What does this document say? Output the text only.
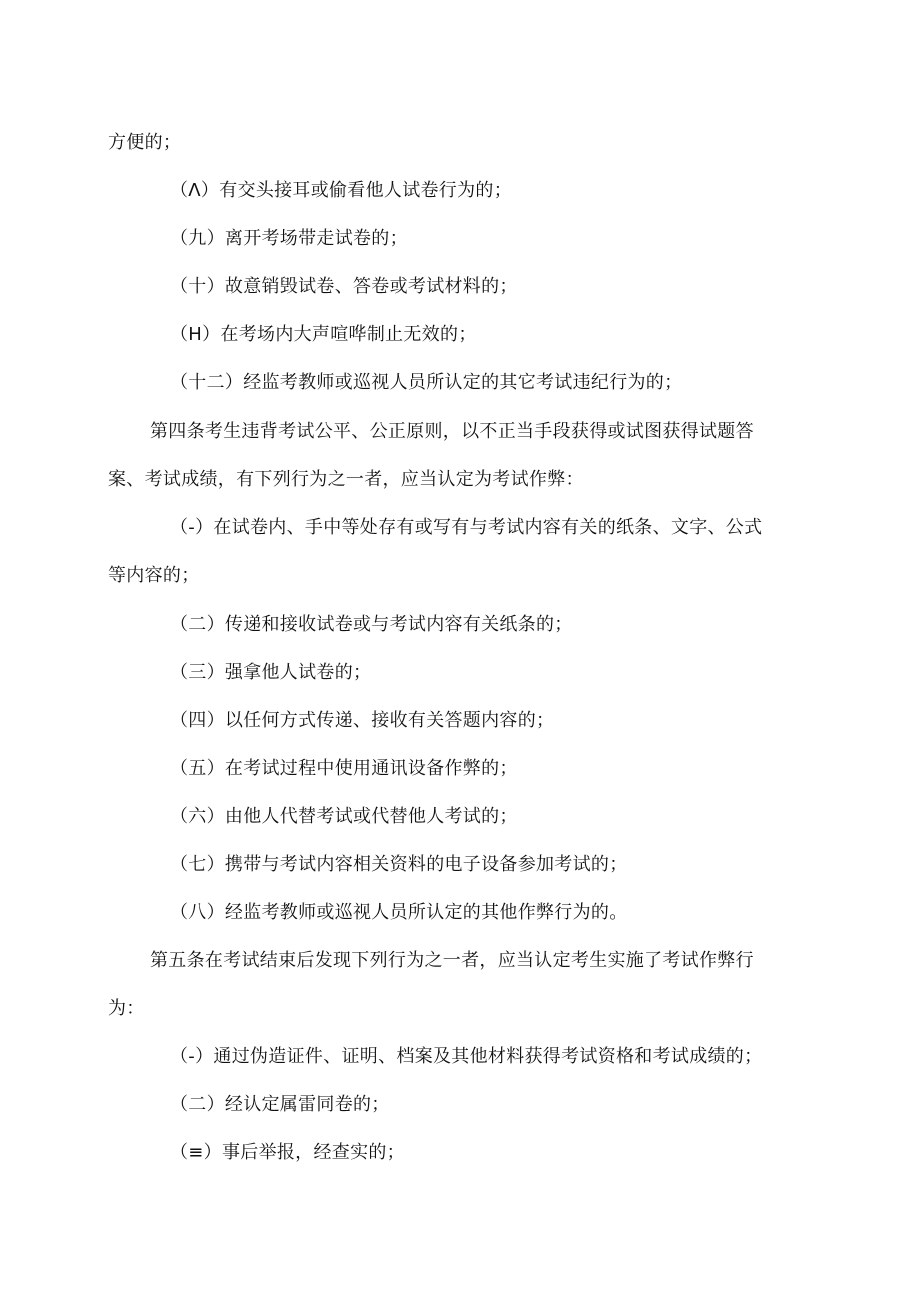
方便的；
（Λ）有交头接耳或偷看他人试卷行为的；
（九）离开考场带走试卷的；
（十）故意销毁试卷、答卷或考试材料的；
（H）在考场内大声喧哗制止无效的；
（十二）经监考教师或巡视人员所认定的其它考试违纪行为的；
第四条考生违背考试公平、公正原则，以不正当手段获得或试图获得试题答
案、考试成绩，有下列行为之一者，应当认定为考试作弊：
（-）在试卷内、手中等处存有或写有与考试内容有关的纸条、文字、公式
等内容的；
（二）传递和接收试卷或与考试内容有关纸条的；
（三）强拿他人试卷的；
（四）以任何方式传递、接收有关答题内容的；
（五）在考试过程中使用通讯设备作弊的；
（六）由他人代替考试或代替他人考试的；
（七）携带与考试内容相关资料的电子设备参加考试的；
（八）经监考教师或巡视人员所认定的其他作弊行为的。
第五条在考试结束后发现下列行为之一者，应当认定考生实施了考试作弊行
为：
（-）通过伪造证件、证明、档案及其他材料获得考试资格和考试成绩的；
（二）经认定属雷同卷的；
（≡）事后举报，经查实的；
